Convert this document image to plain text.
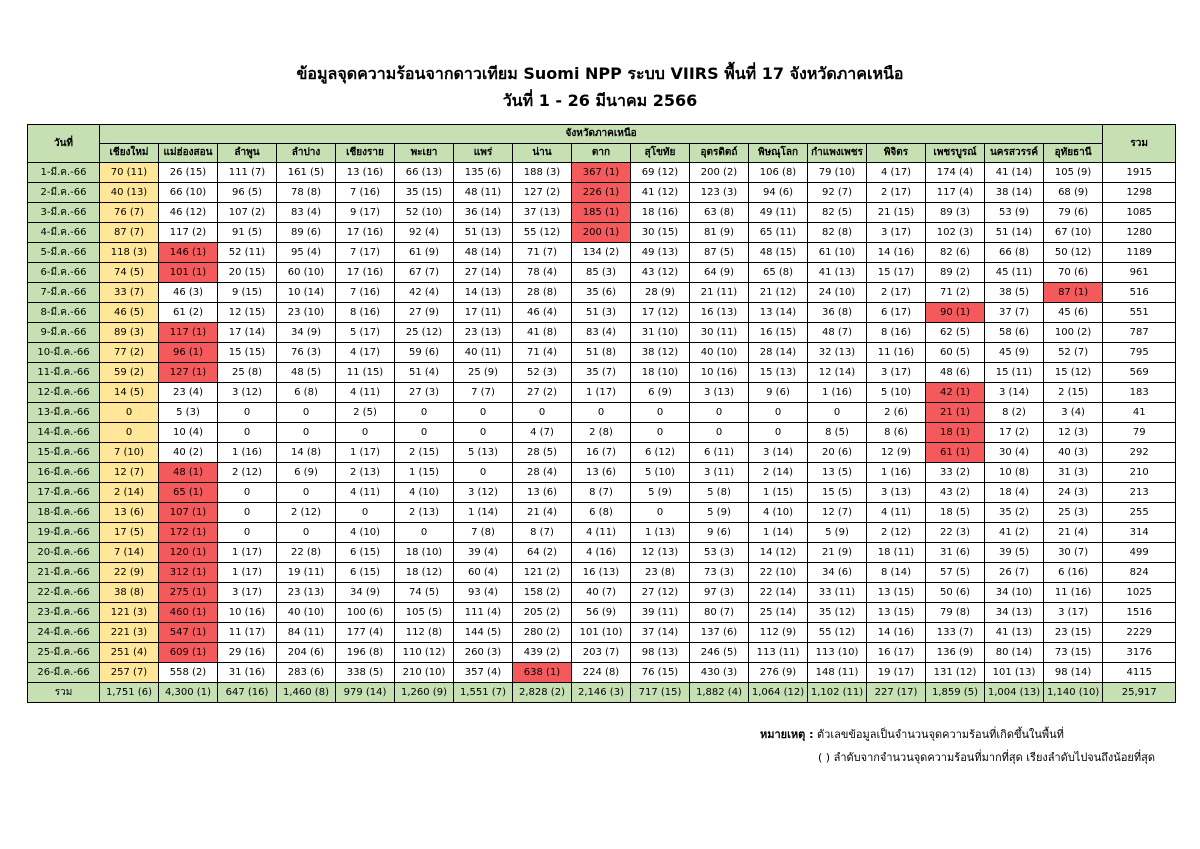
ข้อมูลจุดความร้อนจากดาวเทียม Suomi NPP ระบบ VIIRS พื้นที่ 17 จังหวัดภาคเหนือ
วันที่ 1 - 26 มีนาคม 2566
วันที่	จังหวัดภาคเหนือ																	รวม
	เชียงใหม่	แม่ฮ่องสอน	ลำพูน	ลำปาง	เชียงราย	พะเยา	แพร่	น่าน	ตาก	สุโขทัย	อุตรดิตถ์	พิษณุโลก	กำแพงเพชร	พิจิตร	เพชรบูรณ์	นครสวรรค์	อุทัยธานี	
1-มี.ค.-66	70 (11)	26 (15)	111 (7)	161 (5)	13 (16)	66 (13)	135 (6)	188 (3)	367 (1)	69 (12)	200 (2)	106 (8)	79 (10)	4 (17)	174 (4)	41 (14)	105 (9)	1915
2-มี.ค.-66	40 (13)	66 (10)	96 (5)	78 (8)	7 (16)	35 (15)	48 (11)	127 (2)	226 (1)	41 (12)	123 (3)	94 (6)	92 (7)	2 (17)	117 (4)	38 (14)	68 (9)	1298
3-มี.ค.-66	76 (7)	46 (12)	107 (2)	83 (4)	9 (17)	52 (10)	36 (14)	37 (13)	185 (1)	18 (16)	63 (8)	49 (11)	82 (5)	21 (15)	89 (3)	53 (9)	79 (6)	1085
4-มี.ค.-66	87 (7)	117 (2)	91 (5)	89 (6)	17 (16)	92 (4)	51 (13)	55 (12)	200 (1)	30 (15)	81 (9)	65 (11)	82 (8)	3 (17)	102 (3)	51 (14)	67 (10)	1280
5-มี.ค.-66	118 (3)	146 (1)	52 (11)	95 (4)	7 (17)	61 (9)	48 (14)	71 (7)	134 (2)	49 (13)	87 (5)	48 (15)	61 (10)	14 (16)	82 (6)	66 (8)	50 (12)	1189
6-มี.ค.-66	74 (5)	101 (1)	20 (15)	60 (10)	17 (16)	67 (7)	27 (14)	78 (4)	85 (3)	43 (12)	64 (9)	65 (8)	41 (13)	15 (17)	89 (2)	45 (11)	70 (6)	961
7-มี.ค.-66	33 (7)	46 (3)	9 (15)	10 (14)	7 (16)	42 (4)	14 (13)	28 (8)	35 (6)	28 (9)	21 (11)	21 (12)	24 (10)	2 (17)	71 (2)	38 (5)	87 (1)	516
8-มี.ค.-66	46 (5)	61 (2)	12 (15)	23 (10)	8 (16)	27 (9)	17 (11)	46 (4)	51 (3)	17 (12)	16 (13)	13 (14)	36 (8)	6 (17)	90 (1)	37 (7)	45 (6)	551
9-มี.ค.-66	89 (3)	117 (1)	17 (14)	34 (9)	5 (17)	25 (12)	23 (13)	41 (8)	83 (4)	31 (10)	30 (11)	16 (15)	48 (7)	8 (16)	62 (5)	58 (6)	100 (2)	787
10-มี.ค.-66	77 (2)	96 (1)	15 (15)	76 (3)	4 (17)	59 (6)	40 (11)	71 (4)	51 (8)	38 (12)	40 (10)	28 (14)	32 (13)	11 (16)	60 (5)	45 (9)	52 (7)	795
11-มี.ค.-66	59 (2)	127 (1)	25 (8)	48 (5)	11 (15)	51 (4)	25 (9)	52 (3)	35 (7)	18 (10)	10 (16)	15 (13)	12 (14)	3 (17)	48 (6)	15 (11)	15 (12)	569
12-มี.ค.-66	14 (5)	23 (4)	3 (12)	6 (8)	4 (11)	27 (3)	7 (7)	27 (2)	1 (17)	6 (9)	3 (13)	9 (6)	1 (16)	5 (10)	42 (1)	3 (14)	2 (15)	183
13-มี.ค.-66	0	5 (3)	0	0	2 (5)	0	0	0	0	0	0	0	0	2 (6)	21 (1)	8 (2)	3 (4)	41
14-มี.ค.-66	0	10 (4)	0	0	0	0	0	4 (7)	2 (8)	0	0	0	8 (5)	8 (6)	18 (1)	17 (2)	12 (3)	79
15-มี.ค.-66	7 (10)	40 (2)	1 (16)	14 (8)	1 (17)	2 (15)	5 (13)	28 (5)	16 (7)	6 (12)	6 (11)	3 (14)	20 (6)	12 (9)	61 (1)	30 (4)	40 (3)	292
16-มี.ค.-66	12 (7)	48 (1)	2 (12)	6 (9)	2 (13)	1 (15)	0	28 (4)	13 (6)	5 (10)	3 (11)	2 (14)	13 (5)	1 (16)	33 (2)	10 (8)	31 (3)	210
17-มี.ค.-66	2 (14)	65 (1)	0	0	4 (11)	4 (10)	3 (12)	13 (6)	8 (7)	5 (9)	5 (8)	1 (15)	15 (5)	3 (13)	43 (2)	18 (4)	24 (3)	213
18-มี.ค.-66	13 (6)	107 (1)	0	2 (12)	0	2 (13)	1 (14)	21 (4)	6 (8)	0	5 (9)	4 (10)	12 (7)	4 (11)	18 (5)	35 (2)	25 (3)	255
19-มี.ค.-66	17 (5)	172 (1)	0	0	4 (10)	0	7 (8)	8 (7)	4 (11)	1 (13)	9 (6)	1 (14)	5 (9)	2 (12)	22 (3)	41 (2)	21 (4)	314
20-มี.ค.-66	7 (14)	120 (1)	1 (17)	22 (8)	6 (15)	18 (10)	39 (4)	64 (2)	4 (16)	12 (13)	53 (3)	14 (12)	21 (9)	18 (11)	31 (6)	39 (5)	30 (7)	499
21-มี.ค.-66	22 (9)	312 (1)	1 (17)	19 (11)	6 (15)	18 (12)	60 (4)	121 (2)	16 (13)	23 (8)	73 (3)	22 (10)	34 (6)	8 (14)	57 (5)	26 (7)	6 (16)	824
22-มี.ค.-66	38 (8)	275 (1)	3 (17)	23 (13)	34 (9)	74 (5)	93 (4)	158 (2)	40 (7)	27 (12)	97 (3)	22 (14)	33 (11)	13 (15)	50 (6)	34 (10)	11 (16)	1025
23-มี.ค.-66	121 (3)	460 (1)	10 (16)	40 (10)	100 (6)	105 (5)	111 (4)	205 (2)	56 (9)	39 (11)	80 (7)	25 (14)	35 (12)	13 (15)	79 (8)	34 (13)	3 (17)	1516
24-มี.ค.-66	221 (3)	547 (1)	11 (17)	84 (11)	177 (4)	112 (8)	144 (5)	280 (2)	101 (10)	37 (14)	137 (6)	112 (9)	55 (12)	14 (16)	133 (7)	41 (13)	23 (15)	2229
25-มี.ค.-66	251 (4)	609 (1)	29 (16)	204 (6)	196 (8)	110 (12)	260 (3)	439 (2)	203 (7)	98 (13)	246 (5)	113 (11)	113 (10)	16 (17)	136 (9)	80 (14)	73 (15)	3176
26-มี.ค.-66	257 (7)	558 (2)	31 (16)	283 (6)	338 (5)	210 (10)	357 (4)	638 (1)	224 (8)	76 (15)	430 (3)	276 (9)	148 (11)	19 (17)	131 (12)	101 (13)	98 (14)	4115
รวม	1,751 (6)	4,300 (1)	647 (16)	1,460 (8)	979 (14)	1,260 (9)	1,551 (7)	2,828 (2)	2,146 (3)	717 (15)	1,882 (4)	1,064 (12)	1,102 (11)	227 (17)	1,859 (5)	1,004 (13)	1,140 (10)	25,917
หมายเหตุ : ตัวเลขข้อมูลเป็นจำนวนจุดความร้อนที่เกิดขึ้นในพื้นที่
( ) ลำดับจากจำนวนจุดความร้อนที่มากที่สุด เรียงลำดับไปจนถึงน้อยที่สุด
